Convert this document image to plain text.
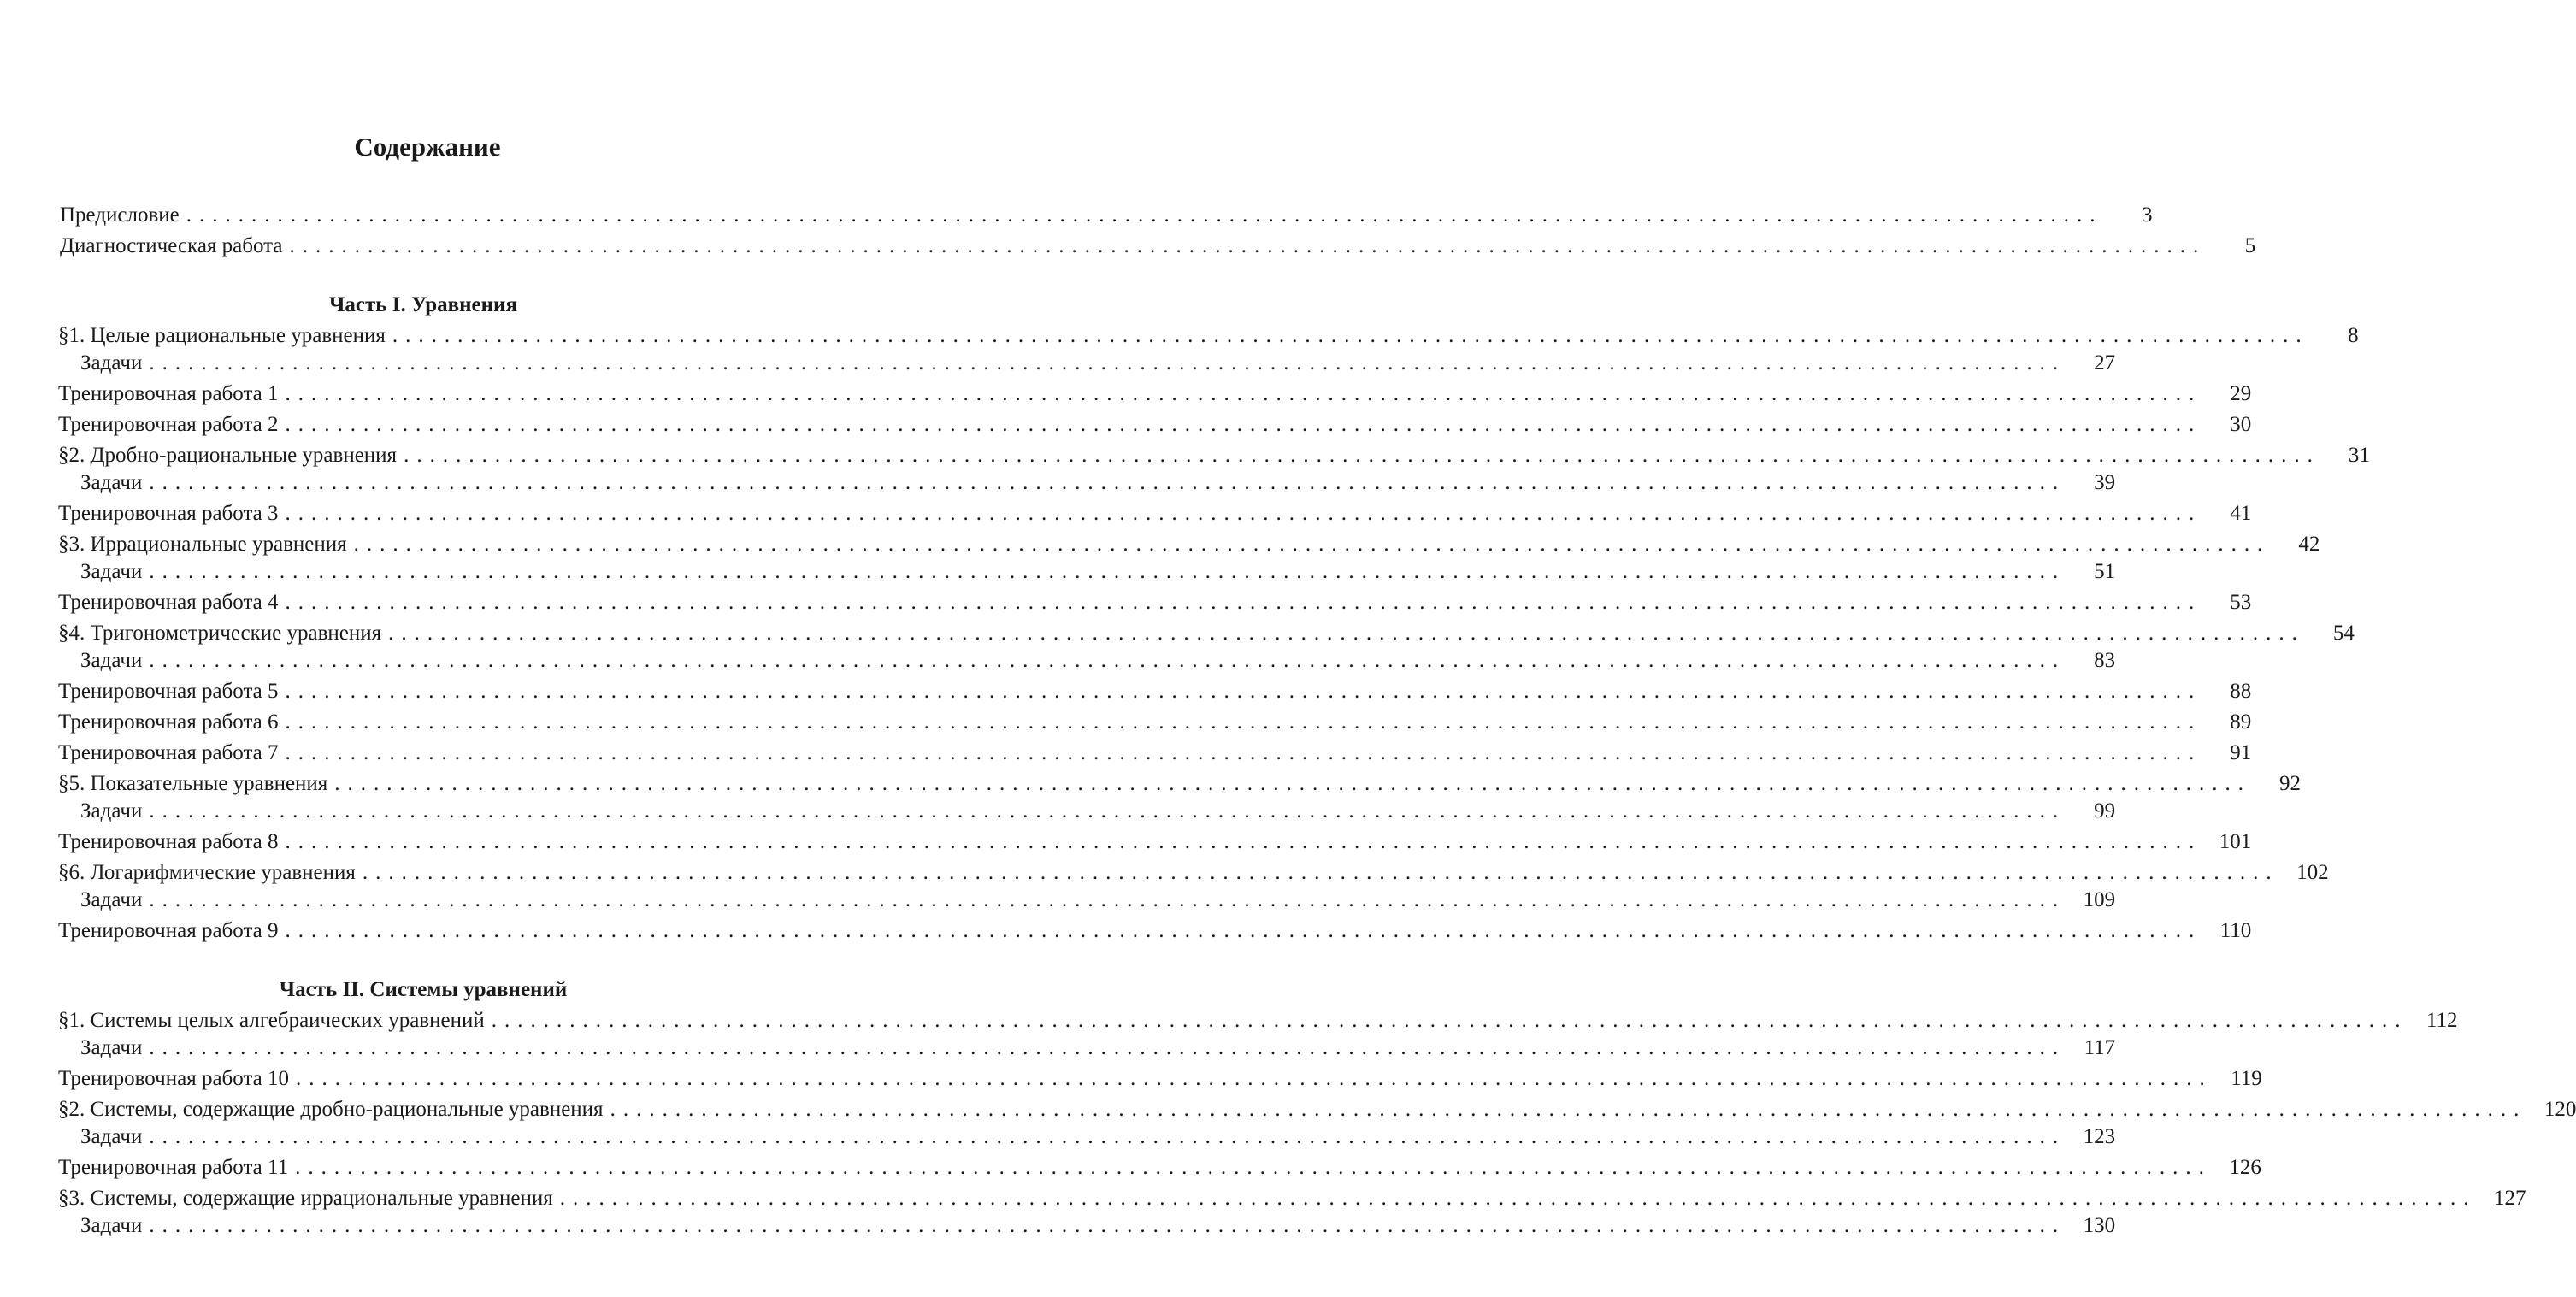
Содержание
Предисловие ...................................................................................................................................................	3
Диагностическая работа ...................................................................................................................................................	5
Часть I. Уравнения
§1. Целые рациональные уравнения ...................................................................................................................................................	8
Задачи ...................................................................................................................................................	27
Тренировочная работа 1 ...................................................................................................................................................	29
Тренировочная работа 2 ...................................................................................................................................................	30
§2. Дробно-рациональные уравнения ...................................................................................................................................................	31
Задачи ...................................................................................................................................................	39
Тренировочная работа 3 ...................................................................................................................................................	41
§3. Иррациональные уравнения ...................................................................................................................................................	42
Задачи ...................................................................................................................................................	51
Тренировочная работа 4 ...................................................................................................................................................	53
§4. Тригонометрические уравнения ...................................................................................................................................................	54
Задачи ...................................................................................................................................................	83
Тренировочная работа 5 ...................................................................................................................................................	88
Тренировочная работа 6 ...................................................................................................................................................	89
Тренировочная работа 7 ...................................................................................................................................................	91
§5. Показательные уравнения ...................................................................................................................................................	92
Задачи ...................................................................................................................................................	99
Тренировочная работа 8 ................................................................................................................................................... 101
§6. Логарифмические уравнения ................................................................................................................................................... 102
Задачи ................................................................................................................................................... 109
Тренировочная работа 9 ................................................................................................................................................... 110
Часть II. Системы уравнений
§1. Системы целых алгебраических уравнений ................................................................................................................................................... 112
Задачи ................................................................................................................................................... 117
Тренировочная работа 10 ................................................................................................................................................... 119
§2. Системы, содержащие дробно-рациональные уравнения ................................................................................................................................................... 120
Задачи ................................................................................................................................................... 123
Тренировочная работа 11 ................................................................................................................................................... 126
§3. Системы, содержащие иррациональные уравнения ................................................................................................................................................... 127
Задачи ................................................................................................................................................... 130
